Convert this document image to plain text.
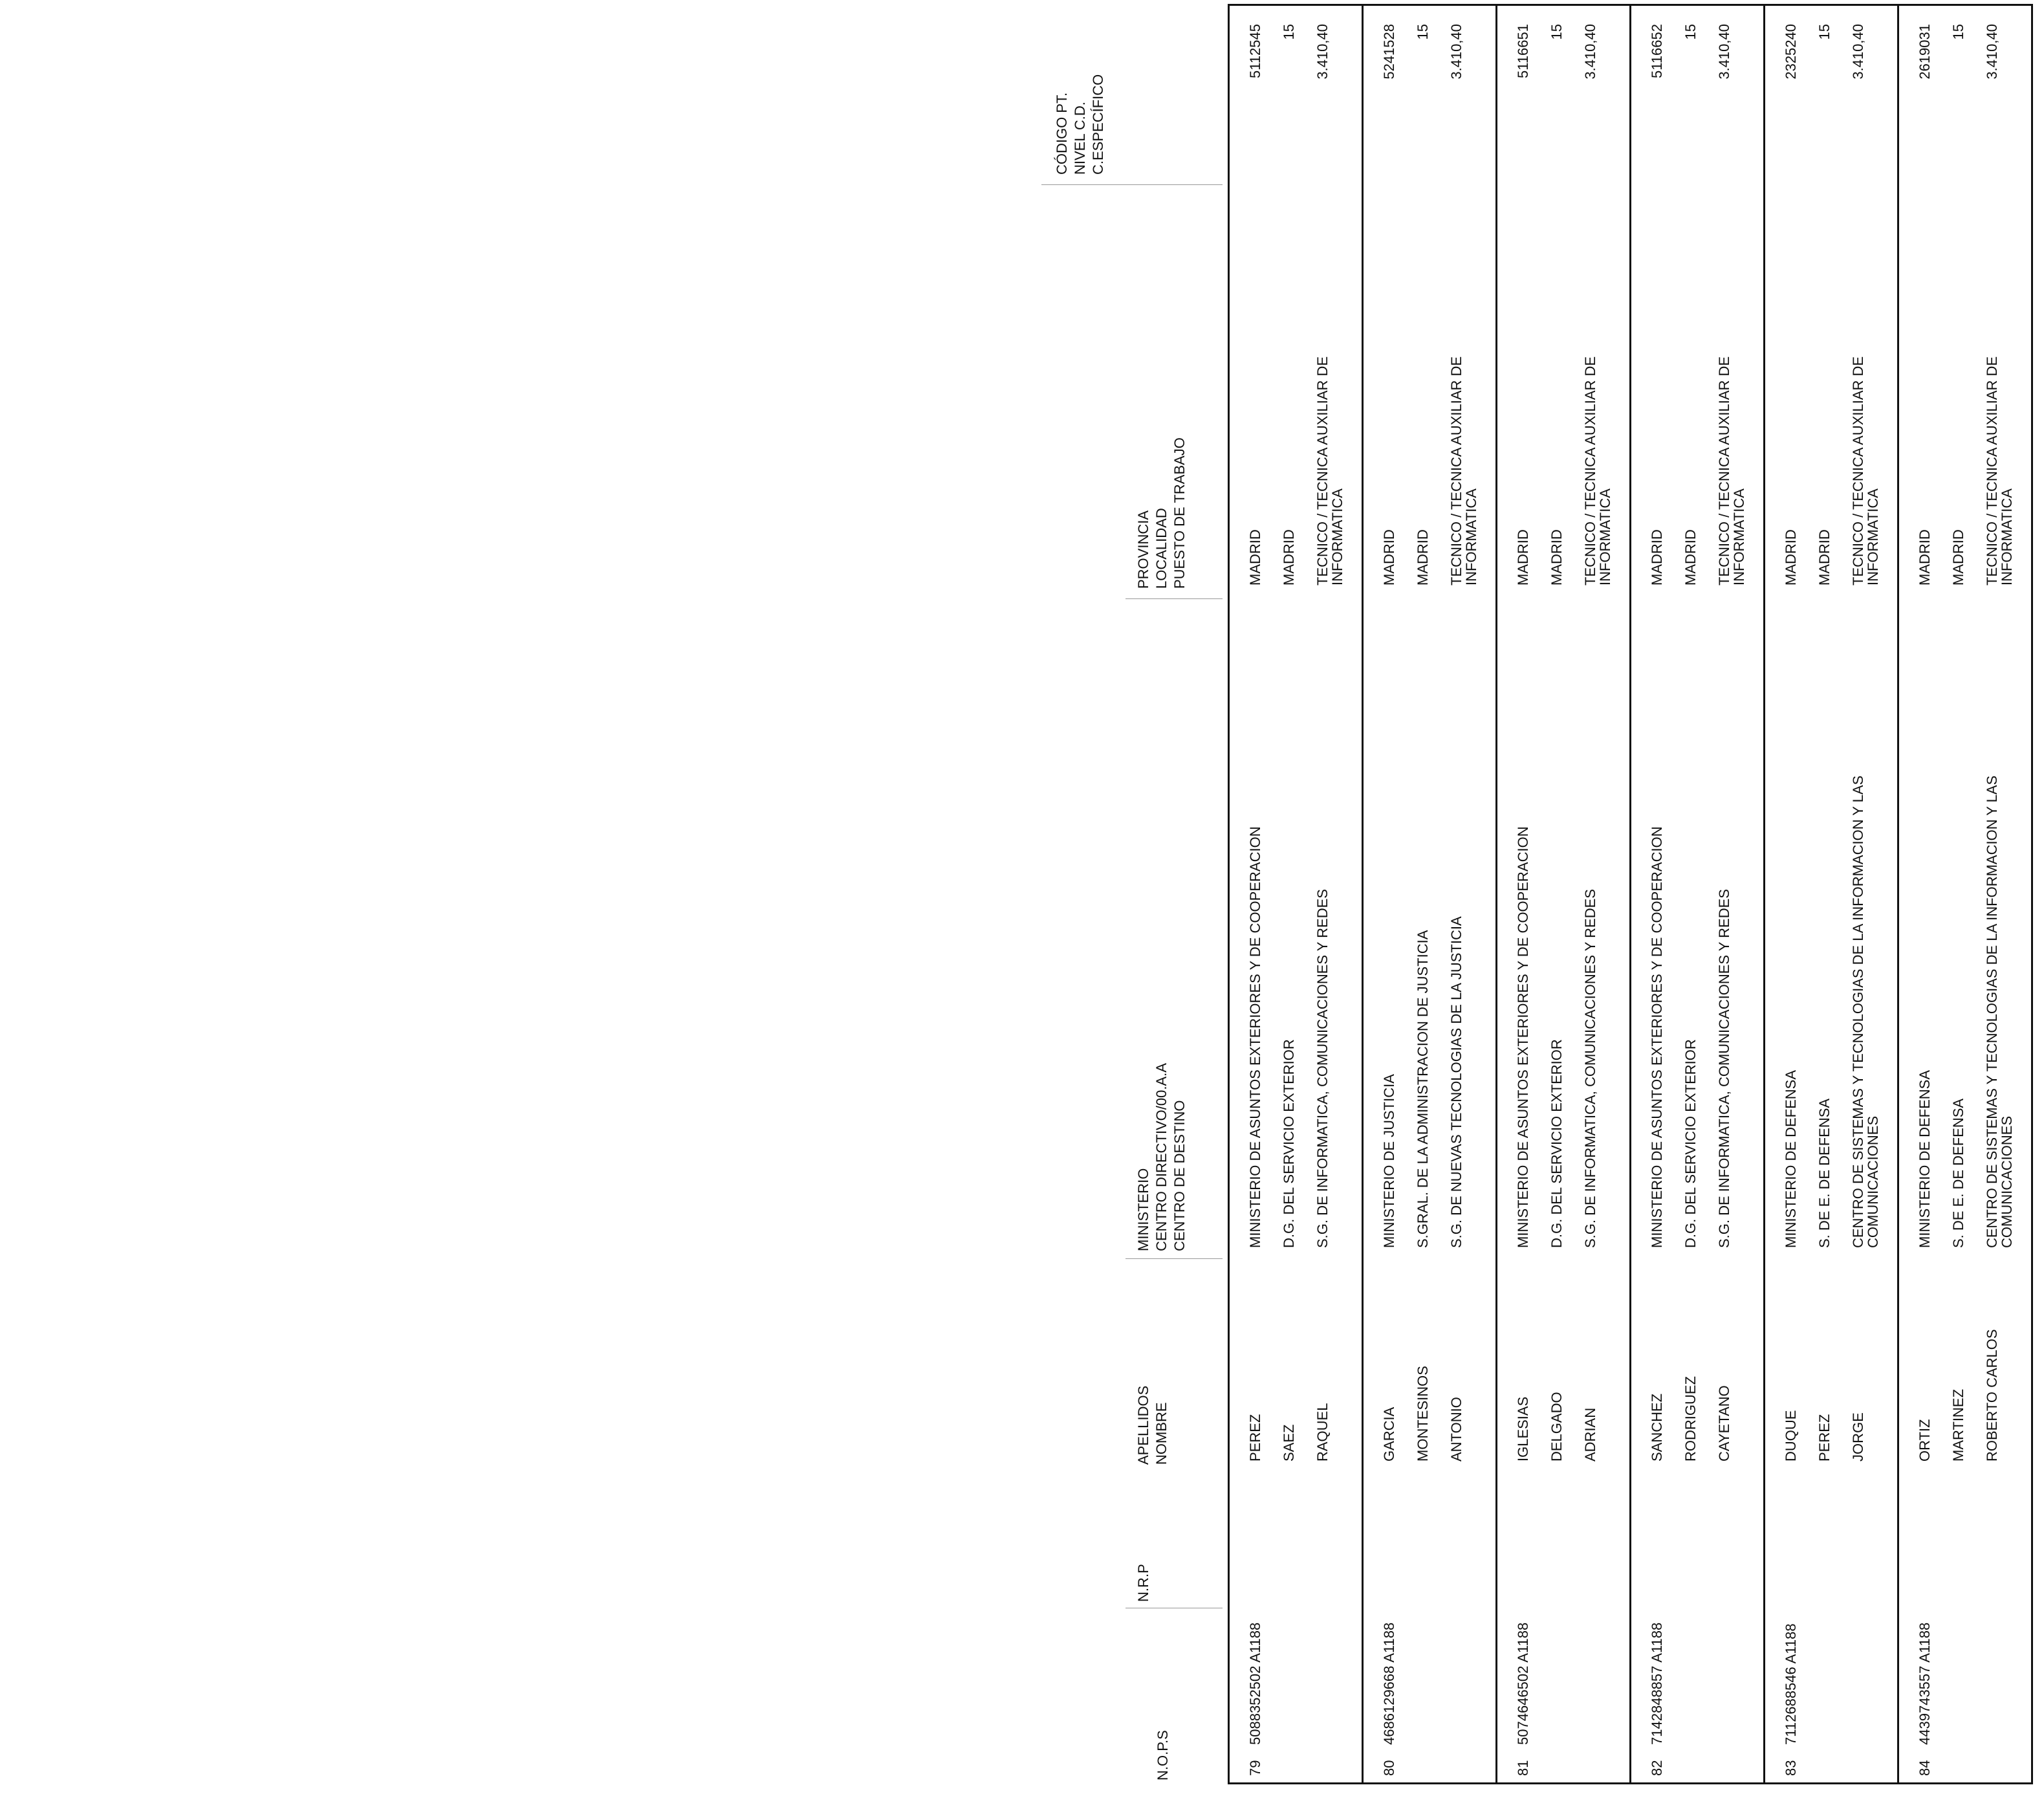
N.O.P.S
N.R.P
APELLIDOS NOMBRE
MINISTERIO CENTRO DIRECTIVO/00.A.A CENTRO DE DESTINO
PROVINCIA LOCALIDAD PUESTO DE TRABAJO
CÓDIGO PT. NIVEL C.D. C.ESPECÍFICO
79
5088352502 A1188
PEREZ SAEZ RAQUEL
MINISTERIO DE ASUNTOS EXTERIORES Y DE COOPERACION D.G. DEL SERVICIO EXTERIOR S.G. DE INFORMATICA, COMUNICACIONES Y REDES
MADRID MADRID TECNICO / TECNICA AUXILIAR DE INFORMATICA
5112545 15 3.410,40
80
4686129668 A1188
GARCIA MONTESINOS ANTONIO
MINISTERIO DE JUSTICIA S.GRAL. DE LA ADMINISTRACION DE JUSTICIA S.G. DE NUEVAS TECNOLOGIAS DE LA JUSTICIA
MADRID MADRID TECNICO / TECNICA AUXILIAR DE INFORMATICA
5241528 15 3.410,40
81
5074646502 A1188
IGLESIAS DELGADO ADRIAN
MINISTERIO DE ASUNTOS EXTERIORES Y DE COOPERACION D.G. DEL SERVICIO EXTERIOR S.G. DE INFORMATICA, COMUNICACIONES Y REDES
MADRID MADRID TECNICO / TECNICA AUXILIAR DE INFORMATICA
5116651 15 3.410,40
82
7142848857 A1188
SANCHEZ RODRIGUEZ CAYETANO
MINISTERIO DE ASUNTOS EXTERIORES Y DE COOPERACION D.G. DEL SERVICIO EXTERIOR S.G. DE INFORMATICA, COMUNICACIONES Y REDES
MADRID MADRID TECNICO / TECNICA AUXILIAR DE INFORMATICA
5116652 15 3.410,40
83
7112688546 A1188
DUQUE PEREZ JORGE
MINISTERIO DE DEFENSA S. DE E. DE DEFENSA CENTRO DE SISTEMAS Y TECNOLOGIAS DE LA INFORMACION Y LAS COMUNICACIONES
MADRID MADRID TECNICO / TECNICA AUXILIAR DE INFORMATICA
2325240 15 3.410,40
84
4439743557 A1188
ORTIZ MARTINEZ ROBERTO CARLOS
MINISTERIO DE DEFENSA S. DE E. DE DEFENSA CENTRO DE SISTEMAS Y TECNOLOGIAS DE LA INFORMACION Y LAS COMUNICACIONES
MADRID MADRID TECNICO / TECNICA AUXILIAR DE INFORMATICA
2619031 15 3.410,40
